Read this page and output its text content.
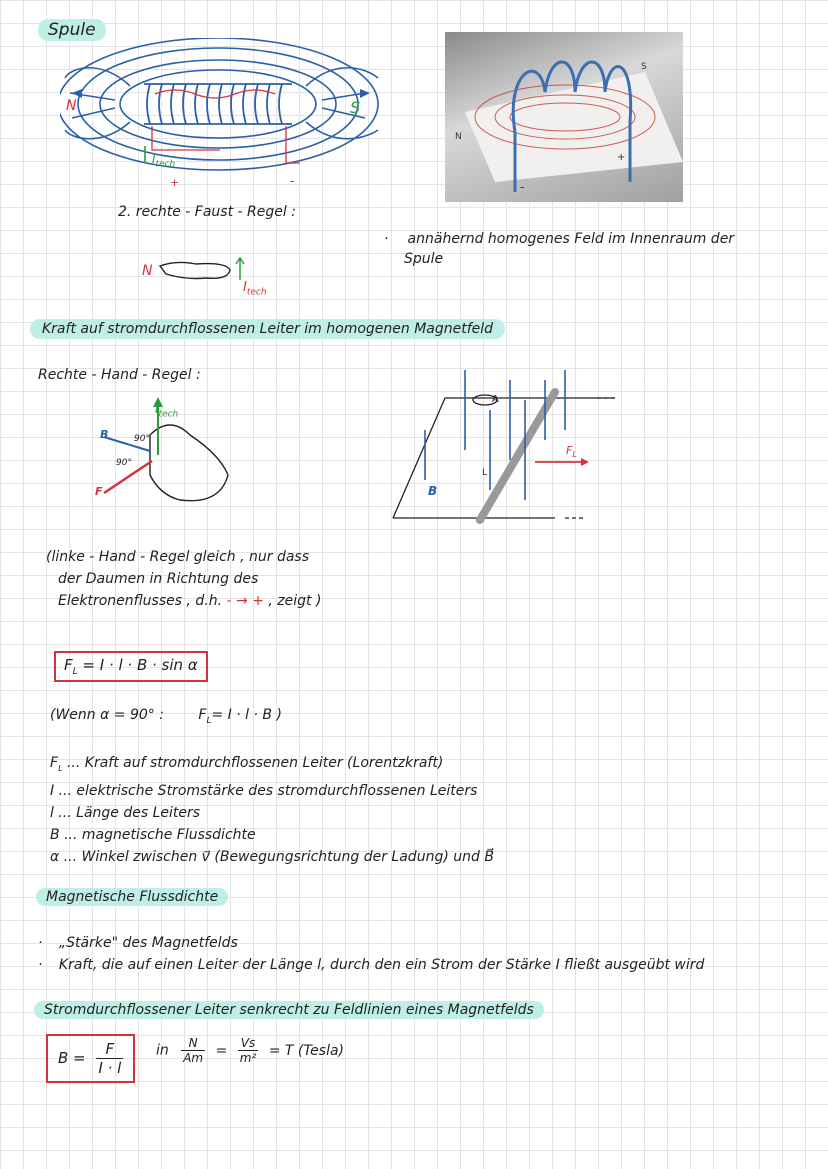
Spule
N	S
$I_{tech}$
+	-
N
S
+
-
2. rechte - Faust - Regel :
· annähernd homogenes Feld im Innenraum der
Spule
N
$I_{tech}$
Kraft auf stromdurchflossenen Leiter im homogenen Magnetfeld
Rechte - Hand - Regel :
$I_{tech}$
B
F
90°
90°
A
B
L
$F_L$
(linke - Hand - Regel gleich , nur dass
der Daumen in Richtung des
Elektronenflusses , d.h. - → + , zeigt )
$F_L = I \cdot l \cdot B \cdot \sin \alpha$
(Wenn α = 90° : $F_L= I \cdot l \cdot B$ )
$F_L$ ... Kraft auf stromdurchflossenen Leiter (Lorentzkraft)
I ... elektrische Stromstärke des stromdurchflossenen Leiters
l ... Länge des Leiters
B ... magnetische Flussdichte
α ... Winkel zwischen v⃗ (Bewegungsrichtung der Ladung) und B⃗
Magnetische Flussdichte
· „Stärke" des Magnetfelds
· Kraft, die auf einen Leiter der Länge l, durch den ein Strom der Stärke I fließt ausgeübt wird
Stromdurchflossener Leiter senkrecht zu Feldlinien eines Magnetfelds
$B = \frac{F}{I \cdot l}$ in $\frac{N}{Am} = \frac{Vs}{\text{m²}} = T$ (Tesla)
